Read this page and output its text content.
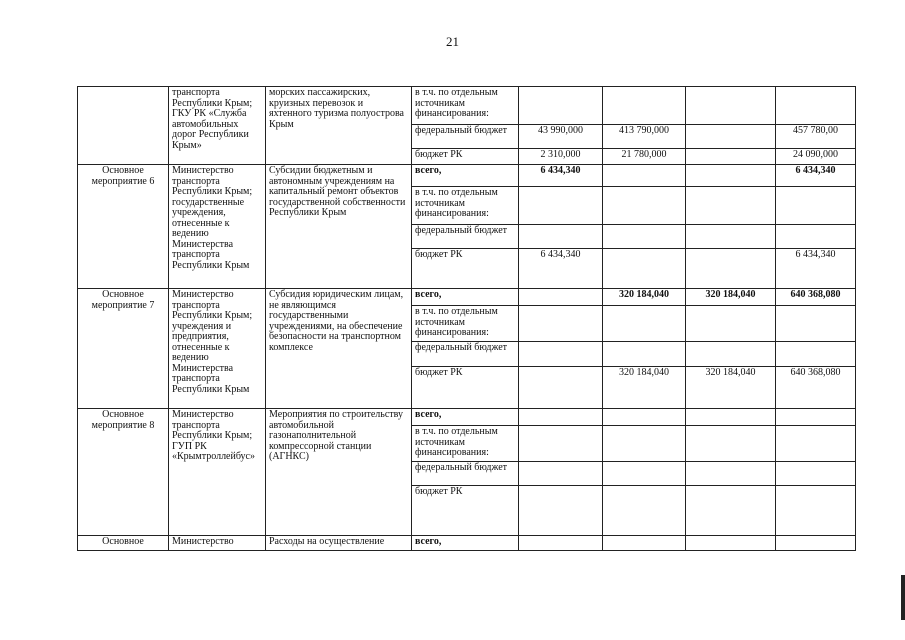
21
	транспорта Республики Крым; ГКУ РК «Служба автомобильных дорог Республики Крым»	морских пассажирских, круизных перевозок и яхтенного туризма полуострова Крым	в т.ч. по отдельным источникам финансирования:				
			федеральный бюджет	43 990,000	413 790,000		457 780,00
			бюджет РК	2 310,000	21 780,000		24 090,000
Основное мероприятие 6	Министерство транспорта Республики Крым; государственные учреждения, отнесенные к ведению Министерства транспорта Республики Крым	Субсидии бюджетным и автономным учреждениям на капитальный ремонт объектов государственной собственности Республики Крым	всего,	6 434,340			6 434,340
			в т.ч. по отдельным источникам финансирования:				
			федеральный бюджет				
			бюджет РК	6 434,340			6 434,340
Основное мероприятие 7	Министерство транспорта Республики Крым; учреждения и предприятия, отнесенные к ведению Министерства транспорта Республики Крым	Субсидия юридическим лицам, не являющимся государственными учреждениями, на обеспечение безопасности на транспортном комплексе	всего,		320 184,040	320 184,040	640 368,080
			в т.ч. по отдельным источникам финансирования:				
			федеральный бюджет				
			бюджет РК		320 184,040	320 184,040	640 368,080
Основное мероприятие 8	Министерство транспорта Республики Крым; ГУП РК «Крымтроллейбус»	Мероприятия по строительству автомобильной газонаполнительной компрессорной станции (АГНКС)	всего,				
			в т.ч. по отдельным источникам финансирования:				
			федеральный бюджет				
			бюджет РК				
Основное	Министерство	Расходы на осуществление	всего,				
